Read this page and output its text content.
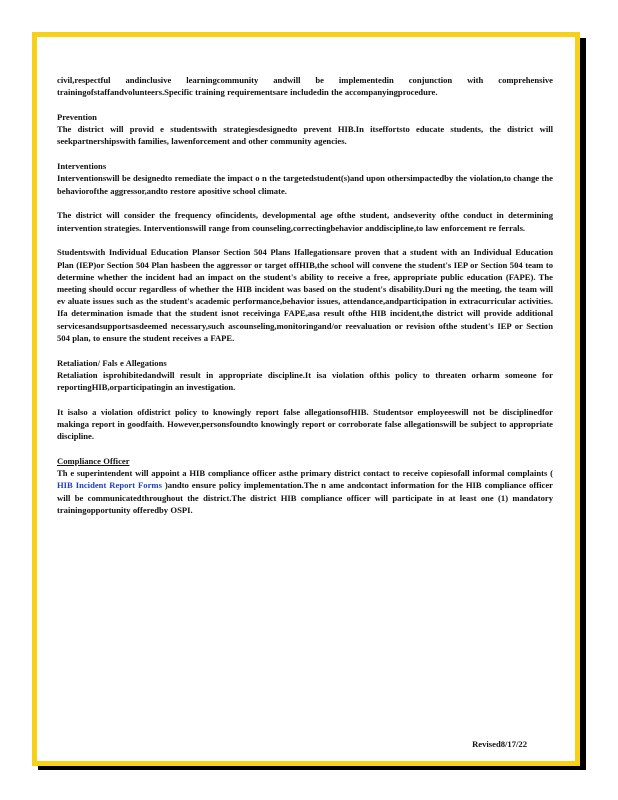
civil,respectful andinclusive learningcommunity andwill be implementedin conjunction with comprehensive trainingofstaffandvolunteers.Specific training requirementsare includedin the accompanyingprocedure.

Prevention
The district will provid e studentswith strategiesdesignedto prevent HIB.In itseffortsto educate students, the district will seekpartnershipswith families, lawenforcement and other community agencies.
Interventions
Interventionswill be designedto remediate the impact o n the targetedstudent(s)and upon othersimpactedby the violation,to change the behaviorofthe aggressor,andto restore apositive school climate.

The district will consider the frequency ofincidents, developmental age ofthe student, andseverity ofthe conduct in determining intervention strategies. Interventionswill range from counseling,correctingbehavior anddiscipline,to law enforcement re ferrals.

Studentswith Individual Education Plansor Section 504 Plans Ifallegationsare proven that a student with an Individual Education Plan (IEP)or Section 504 Plan hasbeen the aggressor or target offHIB,the school will convene the student's IEP or Section 504 team to determine whether the incident had an impact on the student's ability to receive a free, appropriate public education (FAPE). The meeting should occur regardless of whether the HIB incident was based on the student's disability.Duri ng the meeting, the team will ev aluate issues such as the student's academic performance,behavior issues, attendance,andparticipation in extracurricular activities. Ifa determination ismade that the student isnot receivinga FAPE,asa result ofthe HIB incident,the district will provide additional servicesandsupportsasdeemed necessary,such ascounseling,monitoringand/or reevaluation or revision ofthe student's IEP or Section 504 plan, to ensure the student receives a FAPE.

Retaliation/ Fals e Allegations
Retaliation isprohibitedandwill result in appropriate discipline.It isa violation ofthis policy to threaten orharm someone for reportingHIB,orparticipatingin an investigation.

It isalso a violation ofdistrict policy to knowingly report false allegationsofHIB. Studentsor employeeswill not be disciplinedfor makinga report in goodfaith. However,personsfoundto knowingly report or corroborate false allegationswill be subject to appropriate discipline.

Compliance Officer
Th e superintendent will appoint a HIB compliance officer asthe primary district contact to receive copiesofall informal complaints ( HIB Incident Report Forms )andto ensure policy implementation.The n ame andcontact information for the HIB compliance officer will be communicatedthroughout the district.The district HIB compliance officer will participate in at least one (1) mandatory trainingopportunity offeredby OSPI.
Revised8/17/22
